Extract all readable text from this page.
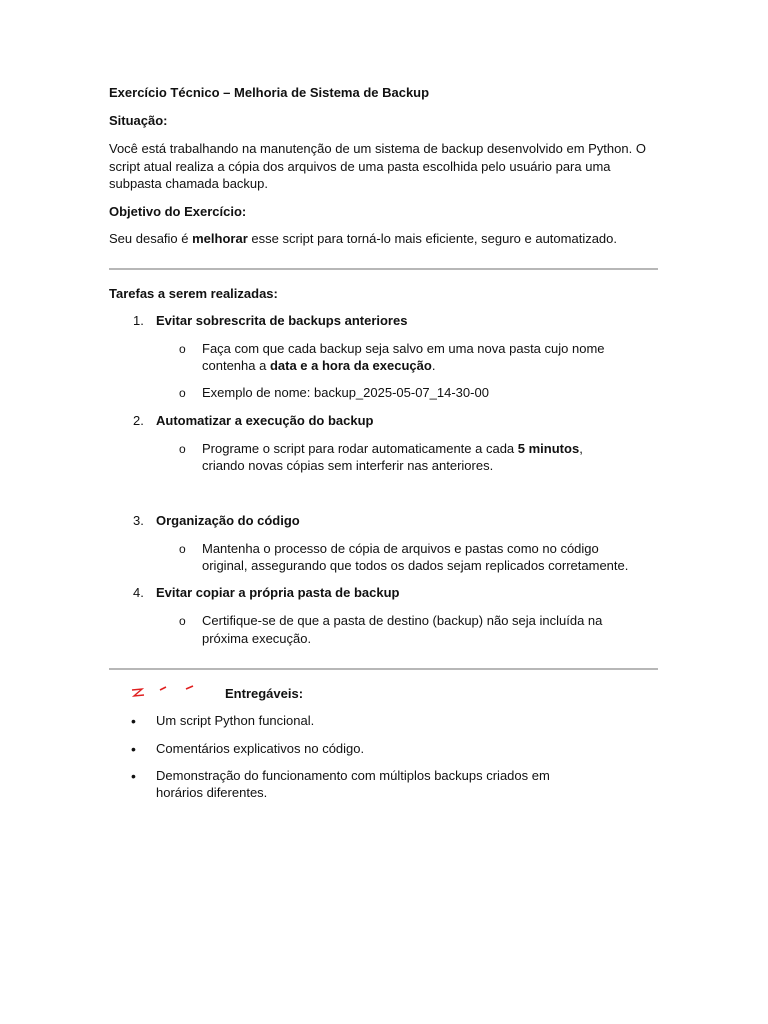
Exercício Técnico – Melhoria de Sistema de Backup
Situação:
Você está trabalhando na manutenção de um sistema de backup desenvolvido em Python. O
script atual realiza a cópia dos arquivos de uma pasta escolhida pelo usuário para uma
subpasta chamada backup.
Objetivo do Exercício:
Seu desafio é melhorar esse script para torná-lo mais eficiente, seguro e automatizado.
Tarefas a serem realizadas:
1. Evitar sobrescrita de backups anteriores
o Faça com que cada backup seja salvo em uma nova pasta cujo nome
contenha a data e a hora da execução.
o Exemplo de nome: backup_2025-05-07_14-30-00
2. Automatizar a execução do backup
o Programe o script para rodar automaticamente a cada 5 minutos,
criando novas cópias sem interferir nas anteriores.
3. Organização do código
o Mantenha o processo de cópia de arquivos e pastas como no código
original, assegurando que todos os dados sejam replicados corretamente.
4. Evitar copiar a própria pasta de backup
o Certifique-se de que a pasta de destino (backup) não seja incluída na
próxima execução.
Entregáveis:
• Um script Python funcional.
• Comentários explicativos no código.
• Demonstração do funcionamento com múltiplos backups criados em
horários diferentes.
